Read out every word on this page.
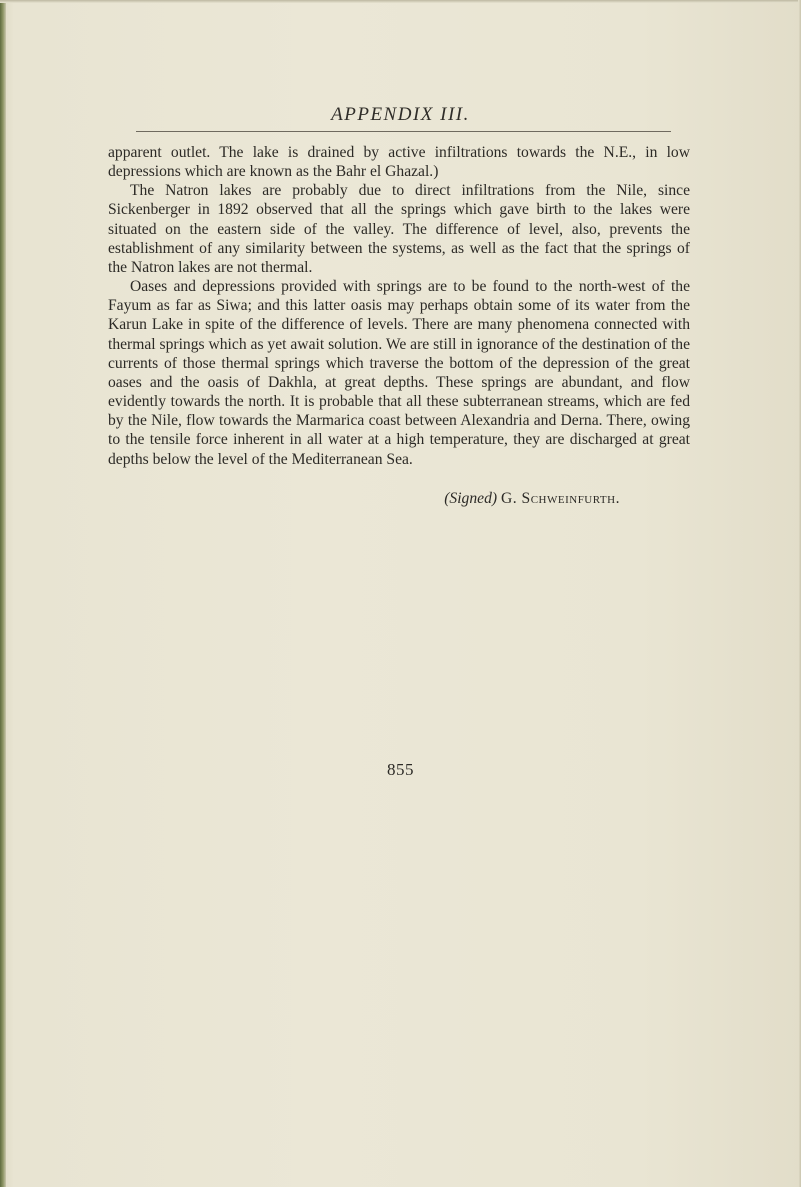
APPENDIX III.

apparent outlet. The lake is drained by active infiltrations towards the N.E., in low depressions which are known as the Bahr el Ghazal.)

The Natron lakes are probably due to direct infiltrations from the Nile, since Sickenberger in 1892 observed that all the springs which gave birth to the lakes were situated on the eastern side of the valley. The difference of level, also, prevents the establishment of any similarity between the systems, as well as the fact that the springs of the Natron lakes are not thermal.

Oases and depressions provided with springs are to be found to the north-west of the Fayum as far as Siwa; and this latter oasis may perhaps obtain some of its water from the Karun Lake in spite of the difference of levels. There are many phenomena connected with thermal springs which as yet await solution. We are still in ignorance of the destination of the currents of those thermal springs which traverse the bottom of the depression of the great oases and the oasis of Dakhla, at great depths. These springs are abundant, and flow evidently towards the north. It is probable that all these subterranean streams, which are fed by the Nile, flow towards the Marmarica coast between Alexandria and Derna. There, owing to the tensile force inherent in all water at a high temperature, they are discharged at great depths below the level of the Mediterranean Sea.

(Signed) G. Schweinfurth.
855
